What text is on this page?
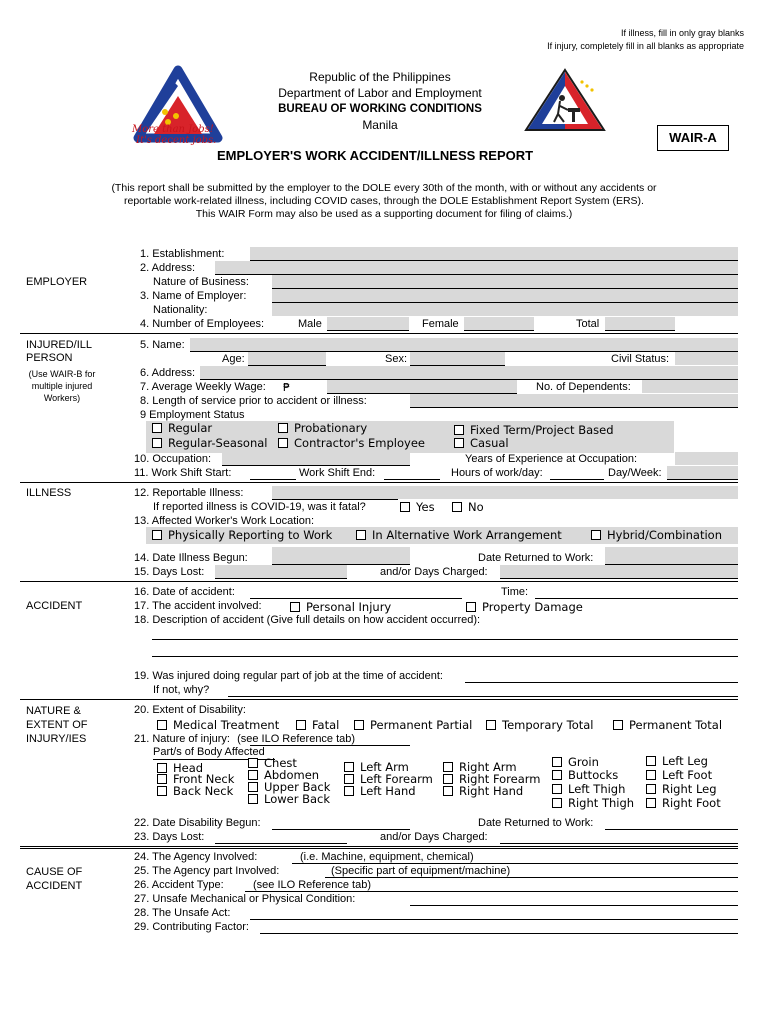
If illness, fill in only gray blanks
If injury, completely fill in all blanks as appropriate
More than Jobs!
It's decent jobs.
Republic of the Philippines
Department of Labor and Employment
BUREAU OF WORKING CONDITIONS
Manila
WAIR-A
EMPLOYER'S WORK ACCIDENT/ILLNESS REPORT
(This report shall be submitted by the employer to the DOLE every 30th of the month, with or without any accidents or
reportable work-related illness, including COVID cases, through the DOLE Establishment Report System (ERS).
This WAIR Form may also be used as a supporting document for filing of claims.)
EMPLOYER
1. Establishment:
2. Address:
Nature of Business:
3. Name of Employer:
Nationality:
4. Number of Employees:	Male	Female	Total
INJURED/ILL
PERSON
(Use WAIR-B for
multiple injured
Workers)
5. Name:
Age:	Sex:	Civil Status:
6. Address:
7. Average Weekly Wage: ₱	No. of Dependents:
8. Length of service prior to accident or illness:
9 Employment Status
Regular	Probationary	Fixed Term/Project Based
Regular-Seasonal	Contractor's Employee	Casual
10. Occupation:	Years of Experience at Occupation:
11. Work Shift Start:	Work Shift End:	Hours of work/day:	Day/Week:
ILLNESS	12. Reportable Illness:
If reported illness is COVID-19, was it fatal?	Yes	No
13. Affected Worker's Work Location:
Physically Reporting to Work	In Alternative Work Arrangement	Hybrid/Combination
14. Date Illness Begun:	Date Returned to Work:
15. Days Lost:	and/or Days Charged:
ACCIDENT
16. Date of accident:	Time:
17. The accident involved:	Personal Injury	Property Damage
18. Description of accident (Give full details on how accident occurred):
19. Was injured doing regular part of job at the time of accident:
If not, why?
NATURE &
EXTENT OF
INJURY/IES
20. Extent of Disability:
Medical Treatment	Fatal	Permanent Partial	Temporary Total	Permanent Total
21. Nature of injury: (see ILO Reference tab)
Part/s of Body Affected
Head
Front Neck
Back Neck
Chest
Abdomen
Upper Back
Lower Back
Left Arm
Left Forearm
Left Hand
Right Arm
Right Forearm
Right Hand
Groin
Buttocks
Left Thigh
Right Thigh
Left Leg
Left Foot
Right Leg
Right Foot
22. Date Disability Begun:	Date Returned to Work:
23. Days Lost:	and/or Days Charged:
CAUSE OF
ACCIDENT
24. The Agency Involved:	(i.e. Machine, equipment, chemical)
25. The Agency part Involved:	(Specific part of equipment/machine)
26. Accident Type:	(see ILO Reference tab)
27. Unsafe Mechanical or Physical Condition:
28. The Unsafe Act:
29. Contributing Factor:
